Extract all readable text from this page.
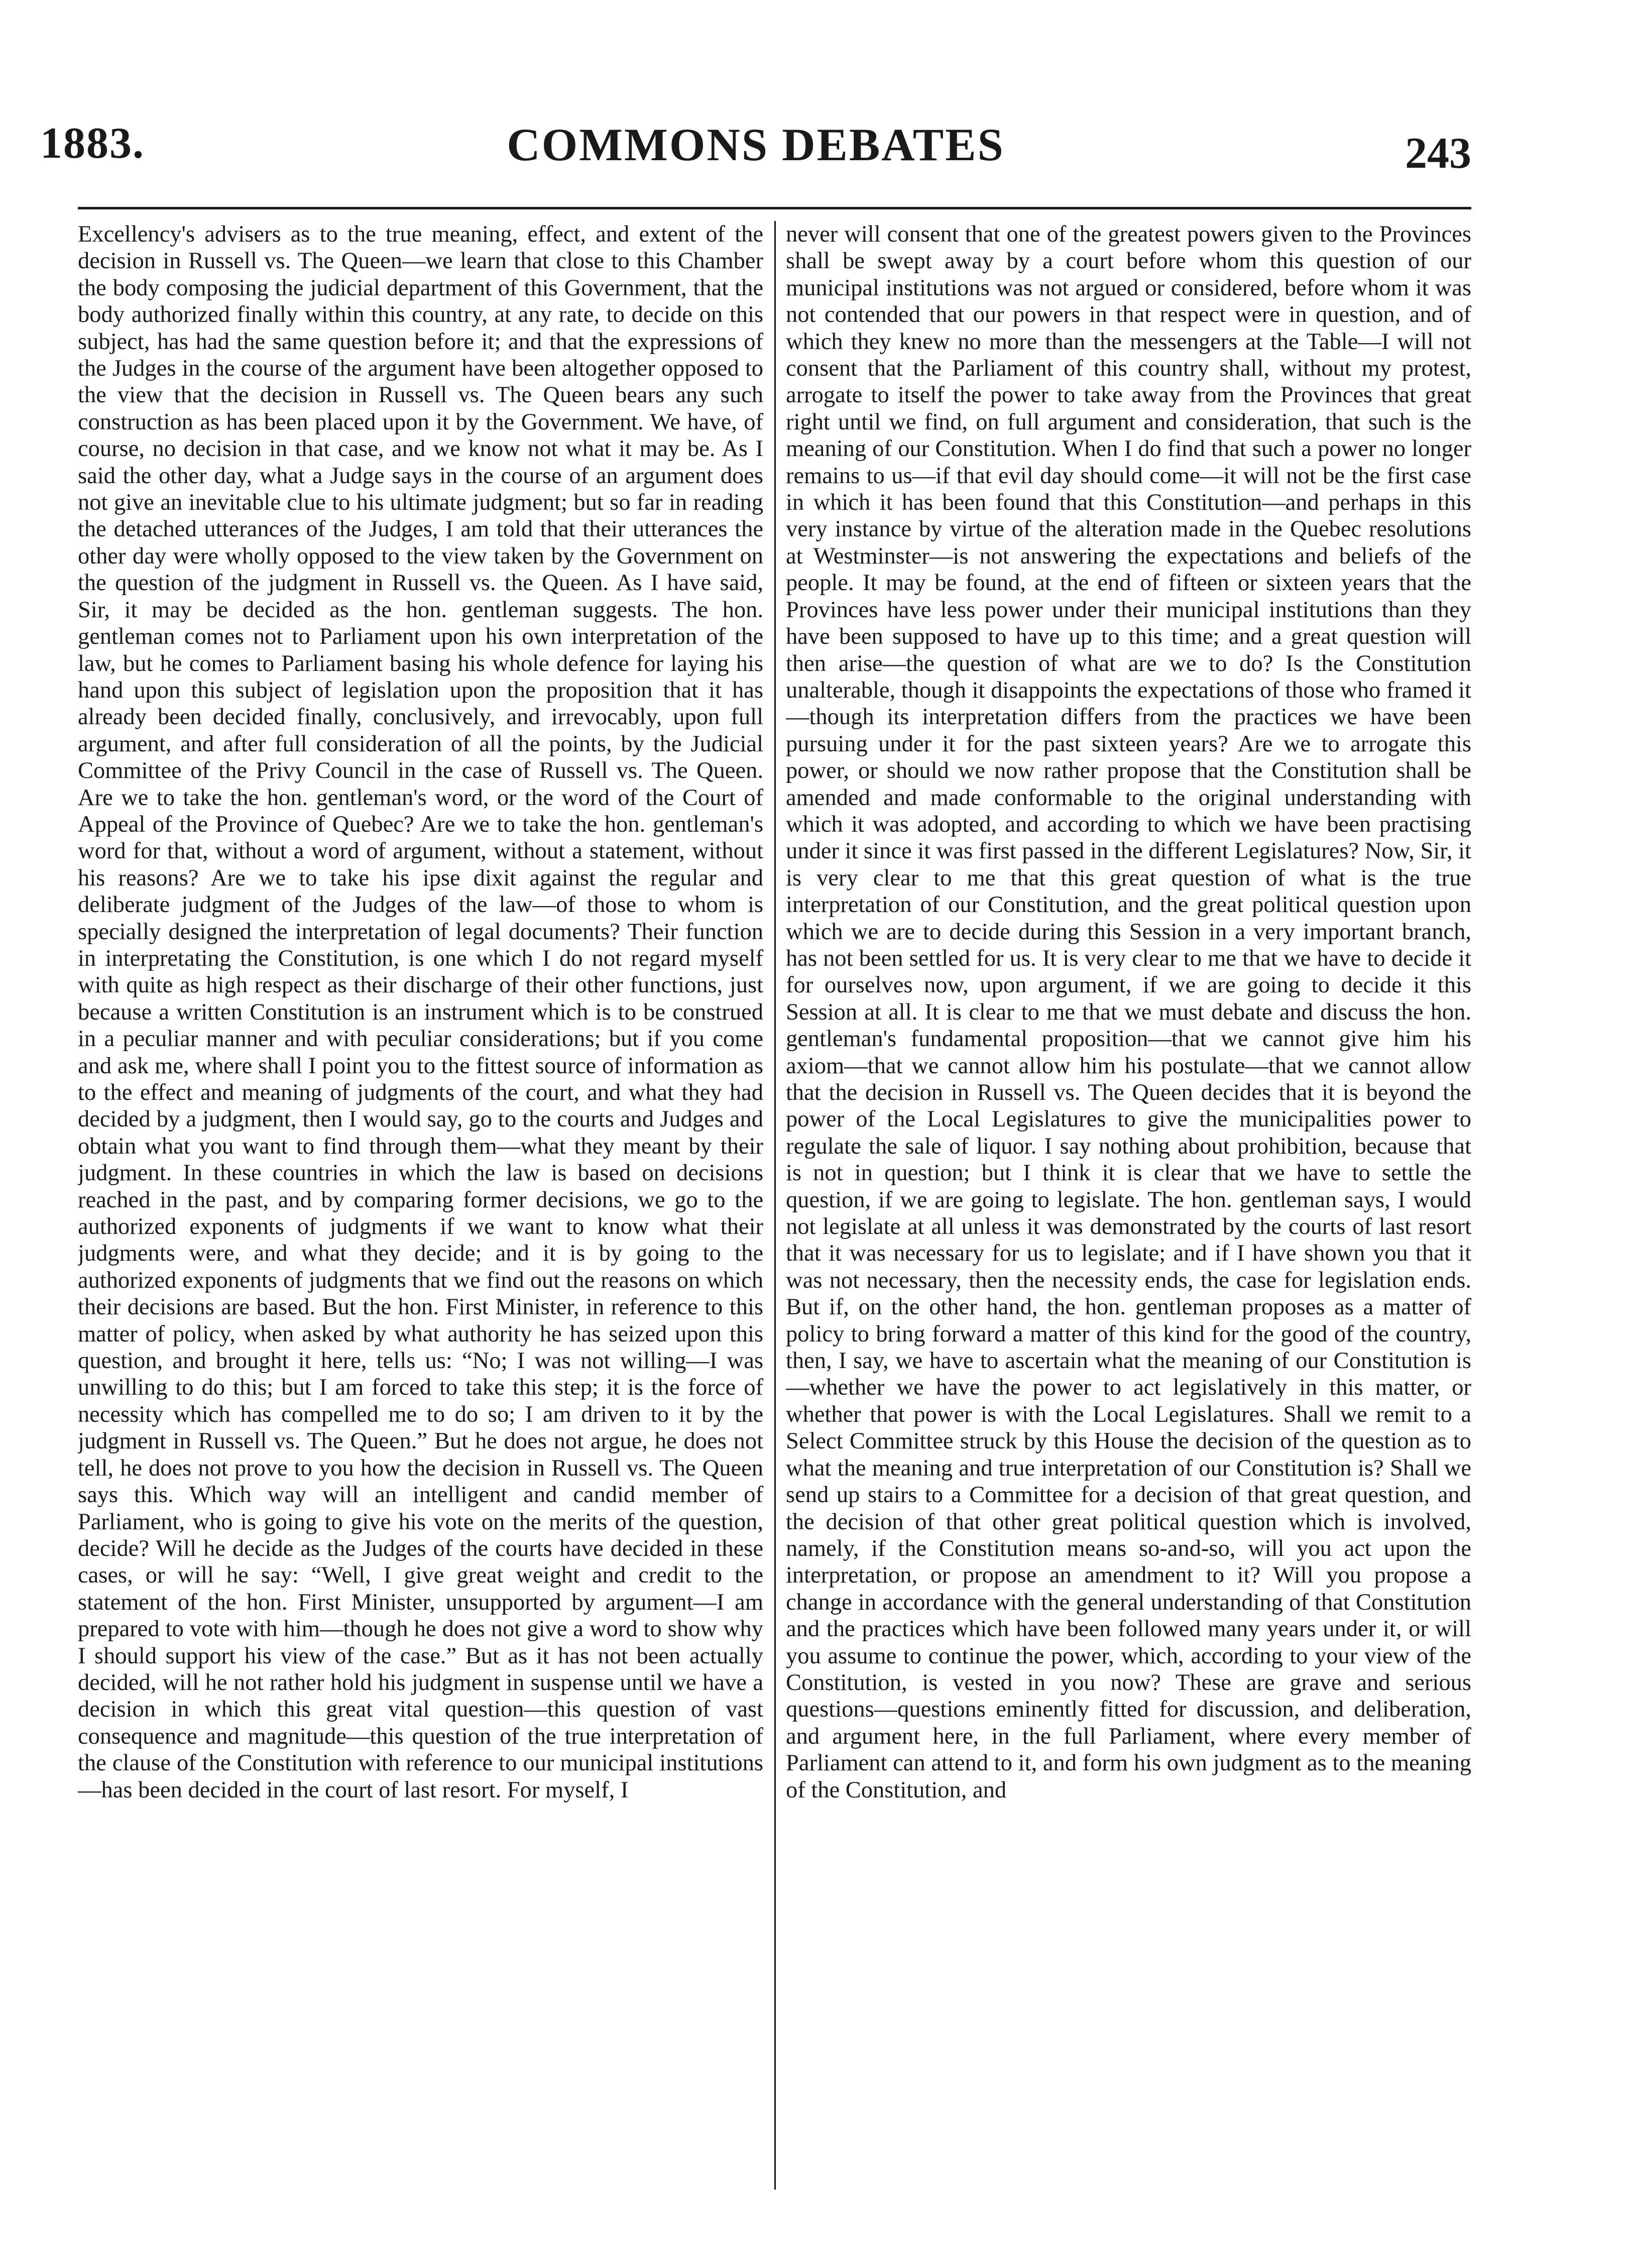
1883.	COMMONS DEBATES	243

Excellency's advisers as to the true meaning, effect, and extent of the decision in Russell vs. The Queen—we learn that close to this Chamber the body composing the judicial department of this Government, that the body authorized finally within this country, at any rate, to decide on this subject, has had the same question before it; and that the expressions of the Judges in the course of the argument have been altogether opposed to the view that the decision in Russell vs. The Queen bears any such construction as has been placed upon it by the Government. We have, of course, no decision in that case, and we know not what it may be. As I said the other day, what a Judge says in the course of an argument does not give an inevitable clue to his ultimate judgment; but so far in reading the detached utterances of the Judges, I am told that their utterances the other day were wholly opposed to the view taken by the Government on the question of the judgment in Russell vs. the Queen. As I have said, Sir, it may be decided as the hon. gentleman suggests. The hon. gentleman comes not to Parliament upon his own interpretation of the law, but he comes to Parliament basing his whole defence for laying his hand upon this subject of legislation upon the proposition that it has already been decided finally, conclusively, and irrevocably, upon full argument, and after full consideration of all the points, by the Judicial Committee of the Privy Council in the case of Russell vs. The Queen. Are we to take the hon. gentleman's word, or the word of the Court of Appeal of the Province of Quebec? Are we to take the hon. gentleman's word for that, without a word of argument, without a statement, without his reasons? Are we to take his ipse dixit against the regular and deliberate judgment of the Judges of the law—of those to whom is specially designed the interpretation of legal documents? Their function in interpretating the Constitution, is one which I do not regard myself with quite as high respect as their discharge of their other functions, just because a written Constitution is an instrument which is to be construed in a peculiar manner and with peculiar considerations; but if you come and ask me, where shall I point you to the fittest source of information as to the effect and meaning of judgments of the court, and what they had decided by a judgment, then I would say, go to the courts and Judges and obtain what you want to find through them—what they meant by their judgment. In these countries in which the law is based on decisions reached in the past, and by comparing former decisions, we go to the authorized exponents of judgments if we want to know what their judgments were, and what they decide; and it is by going to the authorized exponents of judgments that we find out the reasons on which their decisions are based. But the hon. First Minister, in reference to this matter of policy, when asked by what authority he has seized upon this question, and brought it here, tells us: “No; I was not willing—I was unwilling to do this; but I am forced to take this step; it is the force of necessity which has compelled me to do so; I am driven to it by the judgment in Russell vs. The Queen.” But he does not argue, he does not tell, he does not prove to you how the decision in Russell vs. The Queen says this. Which way will an intelligent and candid member of Parliament, who is going to give his vote on the merits of the question, decide? Will he decide as the Judges of the courts have decided in these cases, or will he say: “Well, I give great weight and credit to the statement of the hon. First Minister, unsupported by argument—I am prepared to vote with him—though he does not give a word to show why I should support his view of the case.” But as it has not been actually decided, will he not rather hold his judgment in suspense until we have a decision in which this great vital question—this question of vast consequence and magnitude—this question of the true interpretation of the clause of the Constitution with reference to our municipal institutions—has been decided in the court of last resort. For myself, I

never will consent that one of the greatest powers given to the Provinces shall be swept away by a court before whom this question of our municipal institutions was not argued or considered, before whom it was not contended that our powers in that respect were in question, and of which they knew no more than the messengers at the Table—I will not consent that the Parliament of this country shall, without my protest, arrogate to itself the power to take away from the Provinces that great right until we find, on full argument and consideration, that such is the meaning of our Constitution. When I do find that such a power no longer remains to us—if that evil day should come—it will not be the first case in which it has been found that this Constitution—and perhaps in this very instance by virtue of the alteration made in the Quebec resolutions at Westminster—is not answering the expectations and beliefs of the people. It may be found, at the end of fifteen or sixteen years that the Provinces have less power under their municipal institutions than they have been supposed to have up to this time; and a great question will then arise—the question of what are we to do? Is the Constitution unalterable, though it disappoints the expectations of those who framed it—though its interpretation differs from the practices we have been pursuing under it for the past sixteen years? Are we to arrogate this power, or should we now rather propose that the Constitution shall be amended and made conformable to the original understanding with which it was adopted, and according to which we have been practising under it since it was first passed in the different Legislatures? Now, Sir, it is very clear to me that this great question of what is the true interpretation of our Constitution, and the great political question upon which we are to decide during this Session in a very important branch, has not been settled for us. It is very clear to me that we have to decide it for ourselves now, upon argument, if we are going to decide it this Session at all. It is clear to me that we must debate and discuss the hon. gentleman's fundamental proposition—that we cannot give him his axiom—that we cannot allow him his postulate—that we cannot allow that the decision in Russell vs. The Queen decides that it is beyond the power of the Local Legislatures to give the municipalities power to regulate the sale of liquor. I say nothing about prohibition, because that is not in question; but I think it is clear that we have to settle the question, if we are going to legislate. The hon. gentleman says, I would not legislate at all unless it was demonstrated by the courts of last resort that it was necessary for us to legislate; and if I have shown you that it was not necessary, then the necessity ends, the case for legislation ends. But if, on the other hand, the hon. gentleman proposes as a matter of policy to bring forward a matter of this kind for the good of the country, then, I say, we have to ascertain what the meaning of our Constitution is—whether we have the power to act legislatively in this matter, or whether that power is with the Local Legislatures. Shall we remit to a Select Committee struck by this House the decision of the question as to what the meaning and true interpretation of our Constitution is? Shall we send up stairs to a Committee for a decision of that great question, and the decision of that other great political question which is involved, namely, if the Constitution means so-and-so, will you act upon the interpretation, or propose an amendment to it? Will you propose a change in accordance with the general understanding of that Constitution and the practices which have been followed many years under it, or will you assume to continue the power, which, according to your view of the Constitution, is vested in you now? These are grave and serious questions—questions eminently fitted for discussion, and deliberation, and argument here, in the full Parliament, where every member of Parliament can attend to it, and form his own judgment as to the meaning of the Constitution, and
